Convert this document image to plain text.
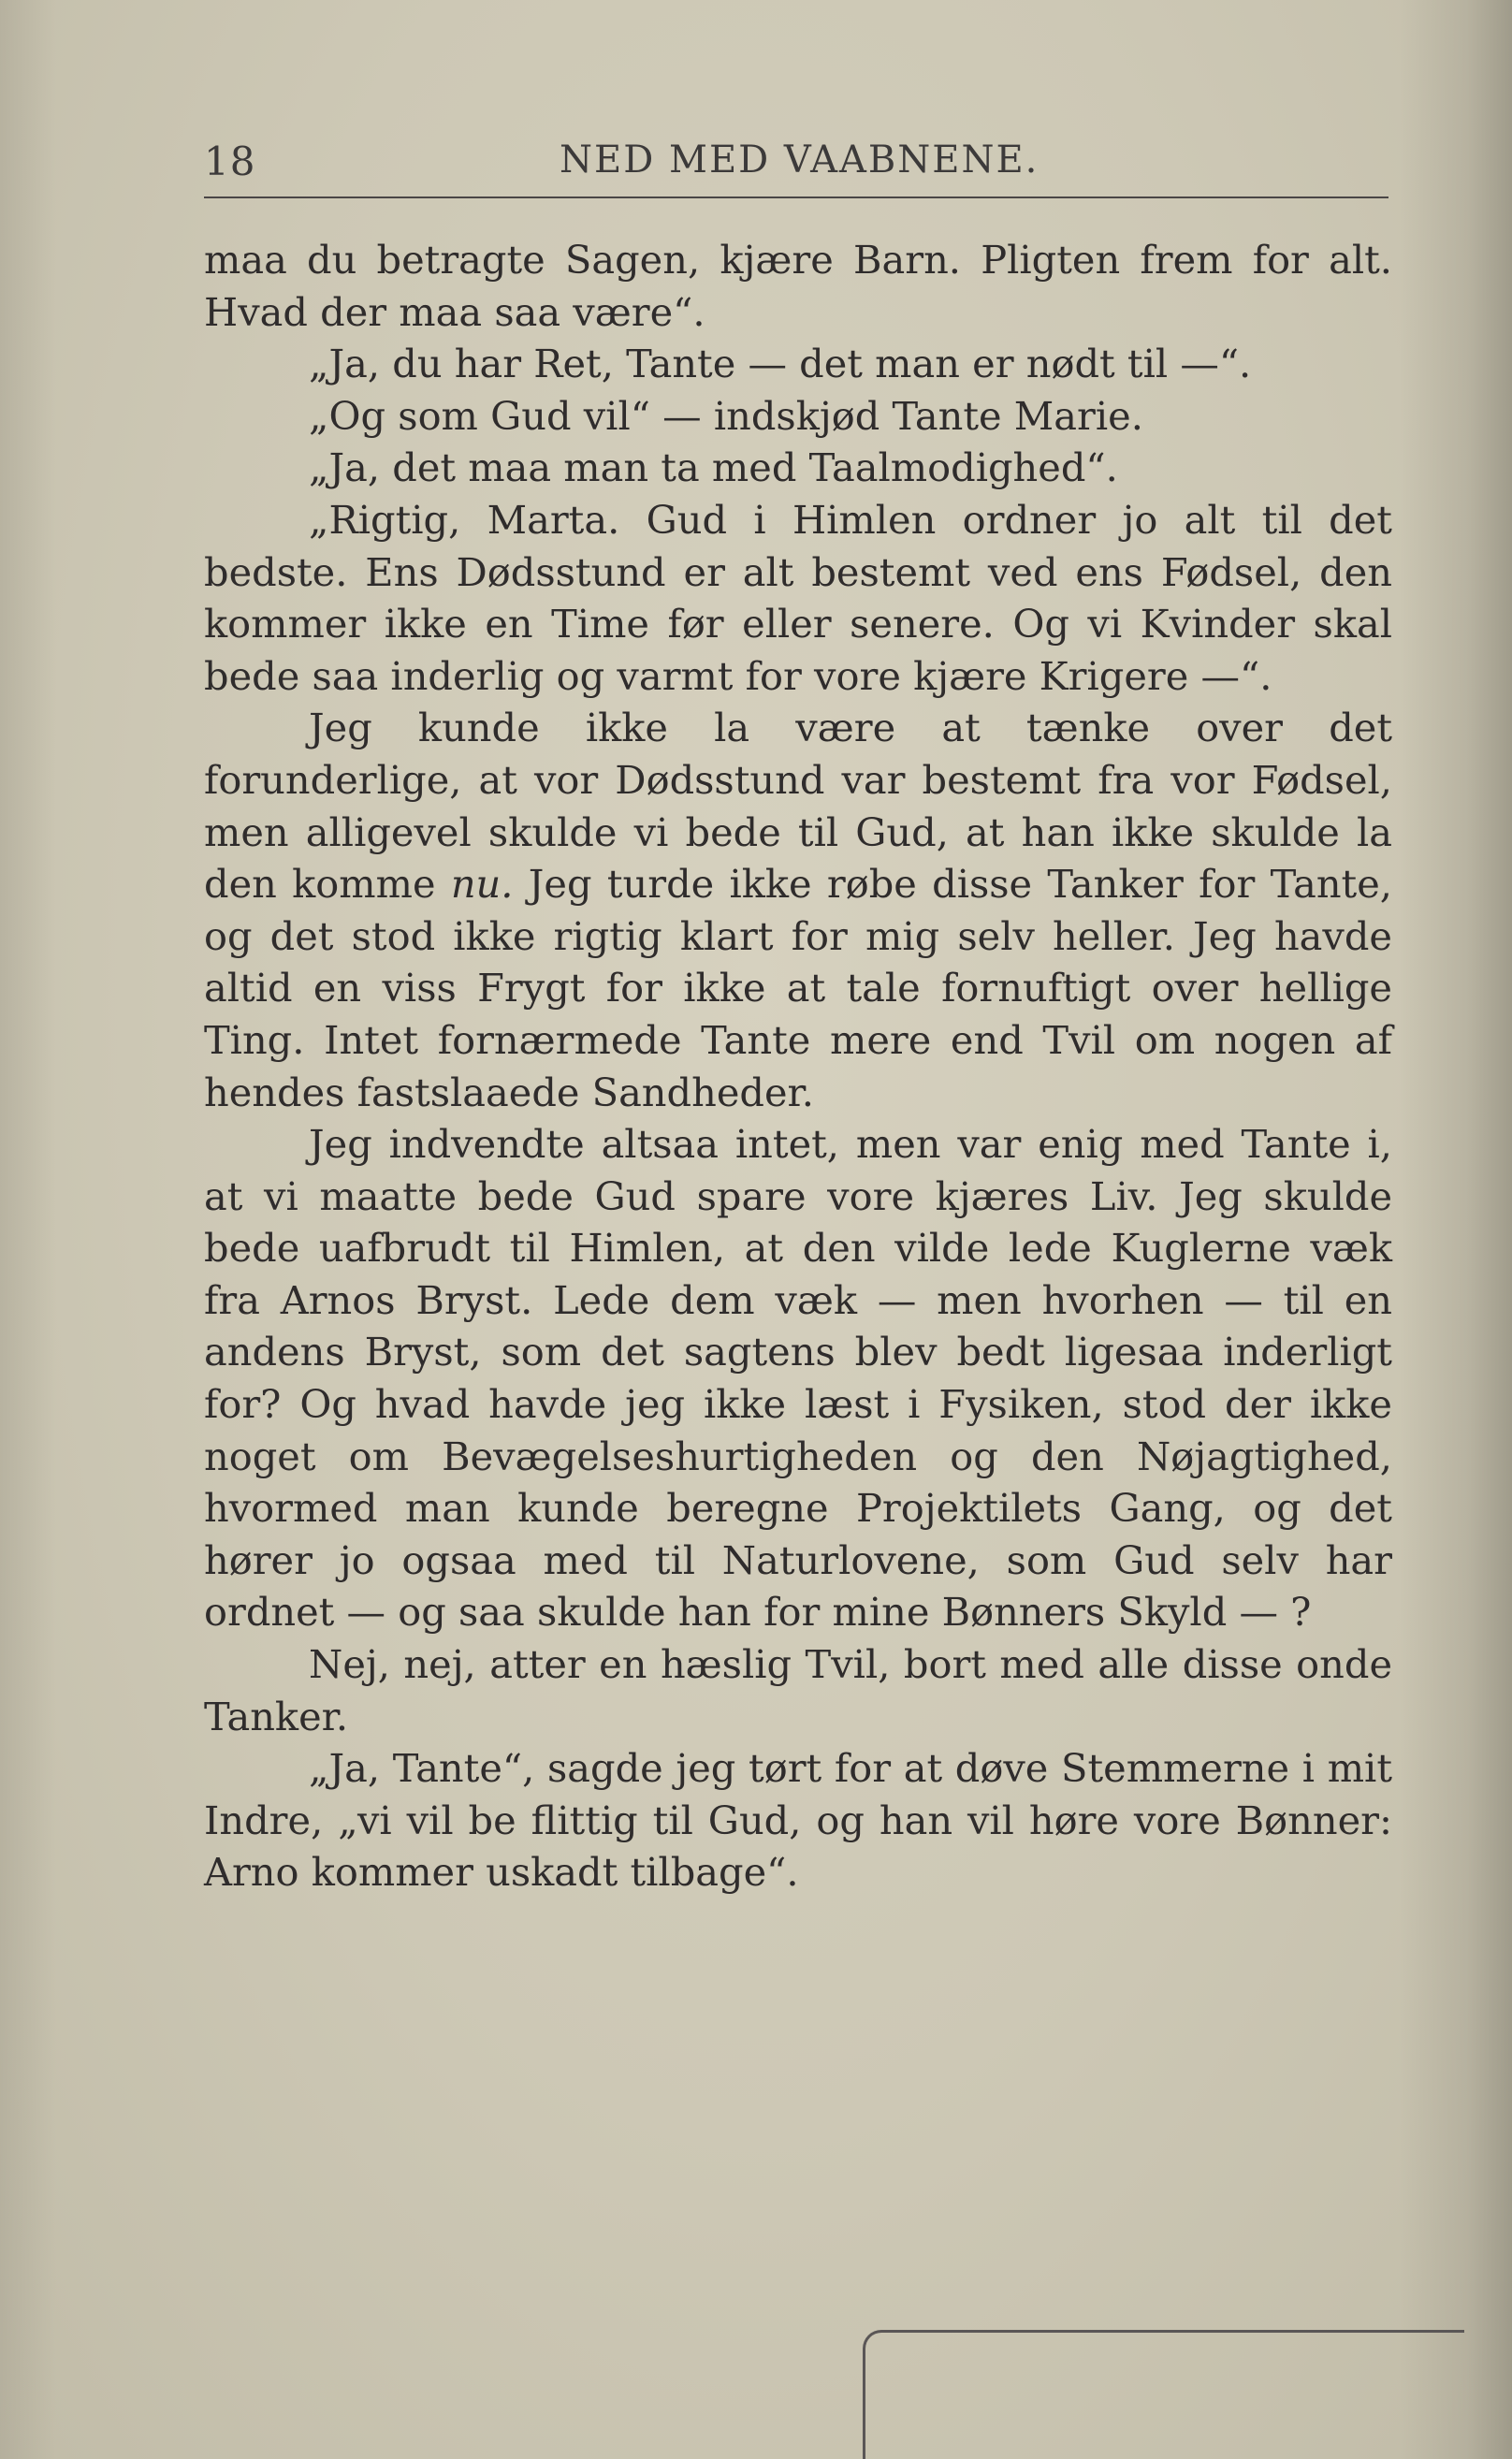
18	NED MED VAABNENE.

maa du betragte Sagen, kjære Barn. Pligten frem for alt. Hvad der maa saa være“.

„Ja, du har Ret, Tante — det man er nødt til —“.

„Og som Gud vil“ — indskjød Tante Marie.

„Ja, det maa man ta med Taalmodighed“.

„Rigtig, Marta. Gud i Himlen ordner jo alt til det bedste. Ens Dødsstund er alt bestemt ved ens Fødsel, den kommer ikke en Time før eller senere. Og vi Kvinder skal bede saa inderlig og varmt for vore kjære Krigere —“.

Jeg kunde ikke la være at tænke over det forunderlige, at vor Dødsstund var bestemt fra vor Fødsel, men alligevel skulde vi bede til Gud, at han ikke skulde la den komme nu. Jeg turde ikke røbe disse Tanker for Tante, og det stod ikke rigtig klart for mig selv heller. Jeg havde altid en viss Frygt for ikke at tale fornuftigt over hellige Ting. Intet fornærmede Tante mere end Tvil om nogen af hendes fastslaaede Sandheder.

Jeg indvendte altsaa intet, men var enig med Tante i, at vi maatte bede Gud spare vore kjæres Liv. Jeg skulde bede uafbrudt til Himlen, at den vilde lede Kuglerne væk fra Arnos Bryst. Lede dem væk — men hvorhen — til en andens Bryst, som det sagtens blev bedt ligesaa inderligt for? Og hvad havde jeg ikke læst i Fysiken, stod der ikke noget om Bevægelseshurtigheden og den Nøjagtighed, hvormed man kunde beregne Projektilets Gang, og det hører jo ogsaa med til Naturlovene, som Gud selv har ordnet — og saa skulde han for mine Bønners Skyld — ?

Nej, nej, atter en hæslig Tvil, bort med alle disse onde Tanker.

„Ja, Tante“, sagde jeg tørt for at døve Stemmerne i mit Indre, „vi vil be flittig til Gud, og han vil høre vore Bønner: Arno kommer uskadt tilbage“.
